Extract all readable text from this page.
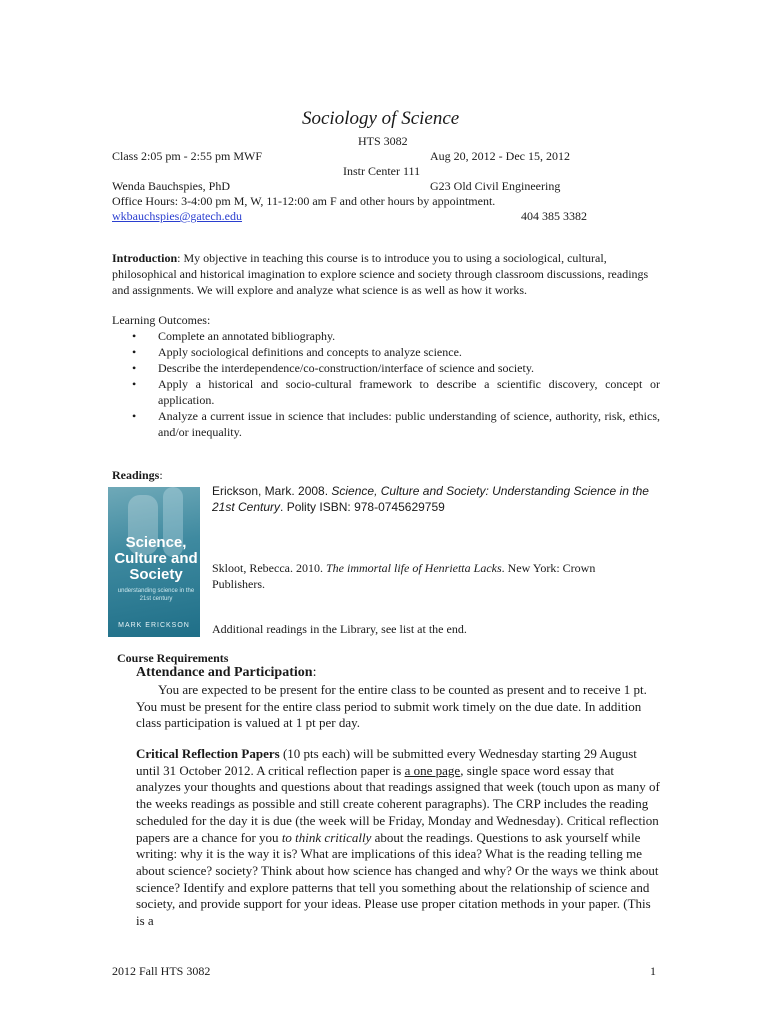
Sociology of Science
HTS 3082
Class 2:05 pm - 2:55 pm MWF	Aug 20, 2012 - Dec 15, 2012
Instr Center 111
Wenda Bauchspies, PhD	G23 Old Civil Engineering
Office Hours: 3-4:00 pm M, W, 11-12:00 am F and other hours by appointment.
wkbauchspies@gatech.edu	404 385 3382
Introduction: My objective in teaching this course is to introduce you to using a sociological, cultural, philosophical and historical imagination to explore science and society through classroom discussions, readings and assignments. We will explore and analyze what science is as well as how it works.
Learning Outcomes:
• Complete an annotated bibliography.
• Apply sociological definitions and concepts to analyze science.
• Describe the interdependence/co-construction/interface of science and society.
• Apply a historical and socio-cultural framework to describe a scientific discovery, concept or application.
• Analyze a current issue in science that includes: public understanding of science, authority, risk, ethics, and/or inequality.
Readings:
Science, Culture and Society
understanding science in the 21st century
MARK ERICKSON
Erickson, Mark. 2008. Science, Culture and Society: Understanding Science in the 21st Century. Polity ISBN: 978-0745629759
Skloot, Rebecca. 2010. The immortal life of Henrietta Lacks. New York: Crown Publishers.
Additional readings in the Library, see list at the end.
Course Requirements
Attendance and Participation:
You are expected to be present for the entire class to be counted as present and to receive 1 pt. You must be present for the entire class period to submit work timely on the due date. In addition class participation is valued at 1 pt per day.
Critical Reflection Papers (10 pts each) will be submitted every Wednesday starting 29 August until 31 October 2012. A critical reflection paper is a one page, single space word essay that analyzes your thoughts and questions about that readings assigned that week (touch upon as many of the weeks readings as possible and still create coherent paragraphs). The CRP includes the reading scheduled for the day it is due (the week will be Friday, Monday and Wednesday). Critical reflection papers are a chance for you to think critically about the readings. Questions to ask yourself while writing: why it is the way it is? What are implications of this idea? What is the reading telling me about science? society? Think about how science has changed and why? Or the ways we think about science? Identify and explore patterns that tell you something about the relationship of science and society, and provide support for your ideas. Please use proper citation methods in your paper. (This is a
2012 Fall HTS 3082	1
